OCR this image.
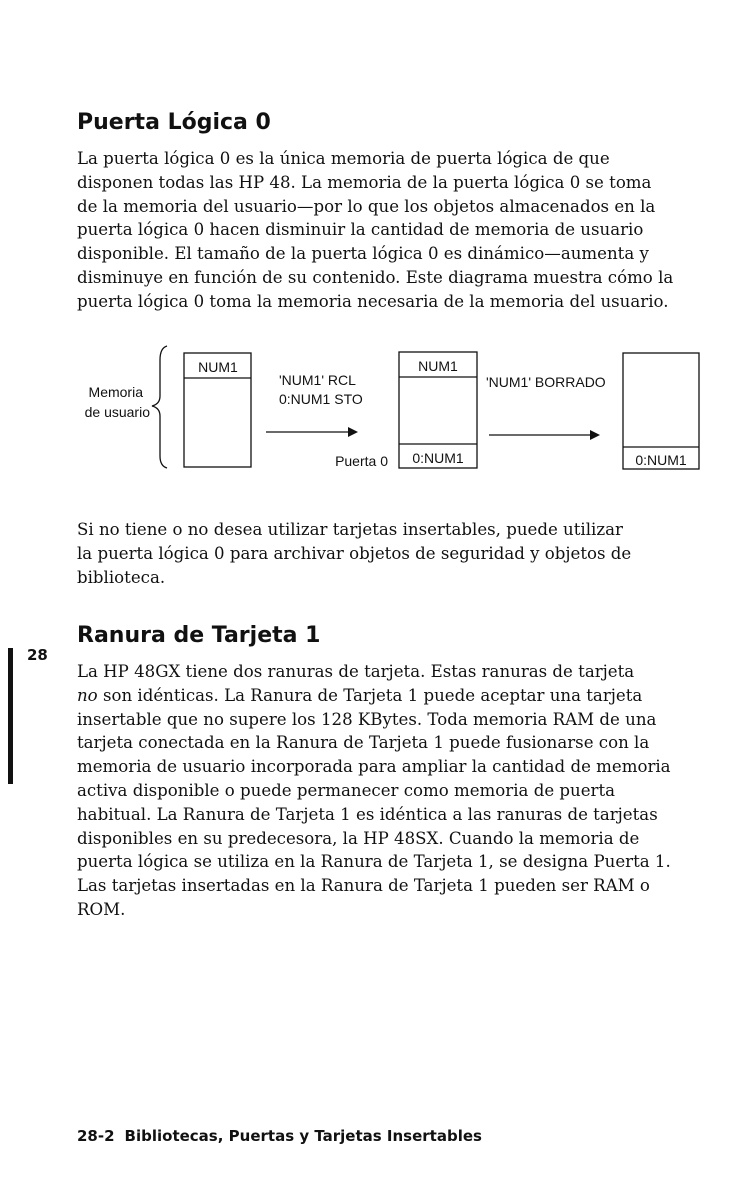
Puerta Lógica 0

La puerta lógica 0 es la única memoria de puerta lógica de que
disponen todas las HP 48. La memoria de la puerta lógica 0 se toma
de la memoria del usuario—por lo que los objetos almacenados en la
puerta lógica 0 hacen disminuir la cantidad de memoria de usuario
disponible. El tamaño de la puerta lógica 0 es dinámico—aumenta y
disminuye en función de su contenido. Este diagrama muestra cómo la
puerta lógica 0 toma la memoria necesaria de la memoria del usuario.

Memoria
de usuario
NUM1
'NUM1' RCL
0:NUM1 STO
Puerta 0
NUM1
0:NUM1
'NUM1' BORRADO
0:NUM1

Si no tiene o no desea utilizar tarjetas insertables, puede utilizar
la puerta lógica 0 para archivar objetos de seguridad y objetos de
biblioteca.

28
Ranura de Tarjeta 1

La HP 48GX tiene dos ranuras de tarjeta. Estas ranuras de tarjeta
no son idénticas. La Ranura de Tarjeta 1 puede aceptar una tarjeta
insertable que no supere los 128 KBytes. Toda memoria RAM de una
tarjeta conectada en la Ranura de Tarjeta 1 puede fusionarse con la
memoria de usuario incorporada para ampliar la cantidad de memoria
activa disponible o puede permanecer como memoria de puerta
habitual. La Ranura de Tarjeta 1 es idéntica a las ranuras de tarjetas
disponibles en su predecesora, la HP 48SX. Cuando la memoria de
puerta lógica se utiliza en la Ranura de Tarjeta 1, se designa Puerta 1.
Las tarjetas insertadas en la Ranura de Tarjeta 1 pueden ser RAM o
ROM.

28-2 Bibliotecas, Puertas y Tarjetas Insertables
